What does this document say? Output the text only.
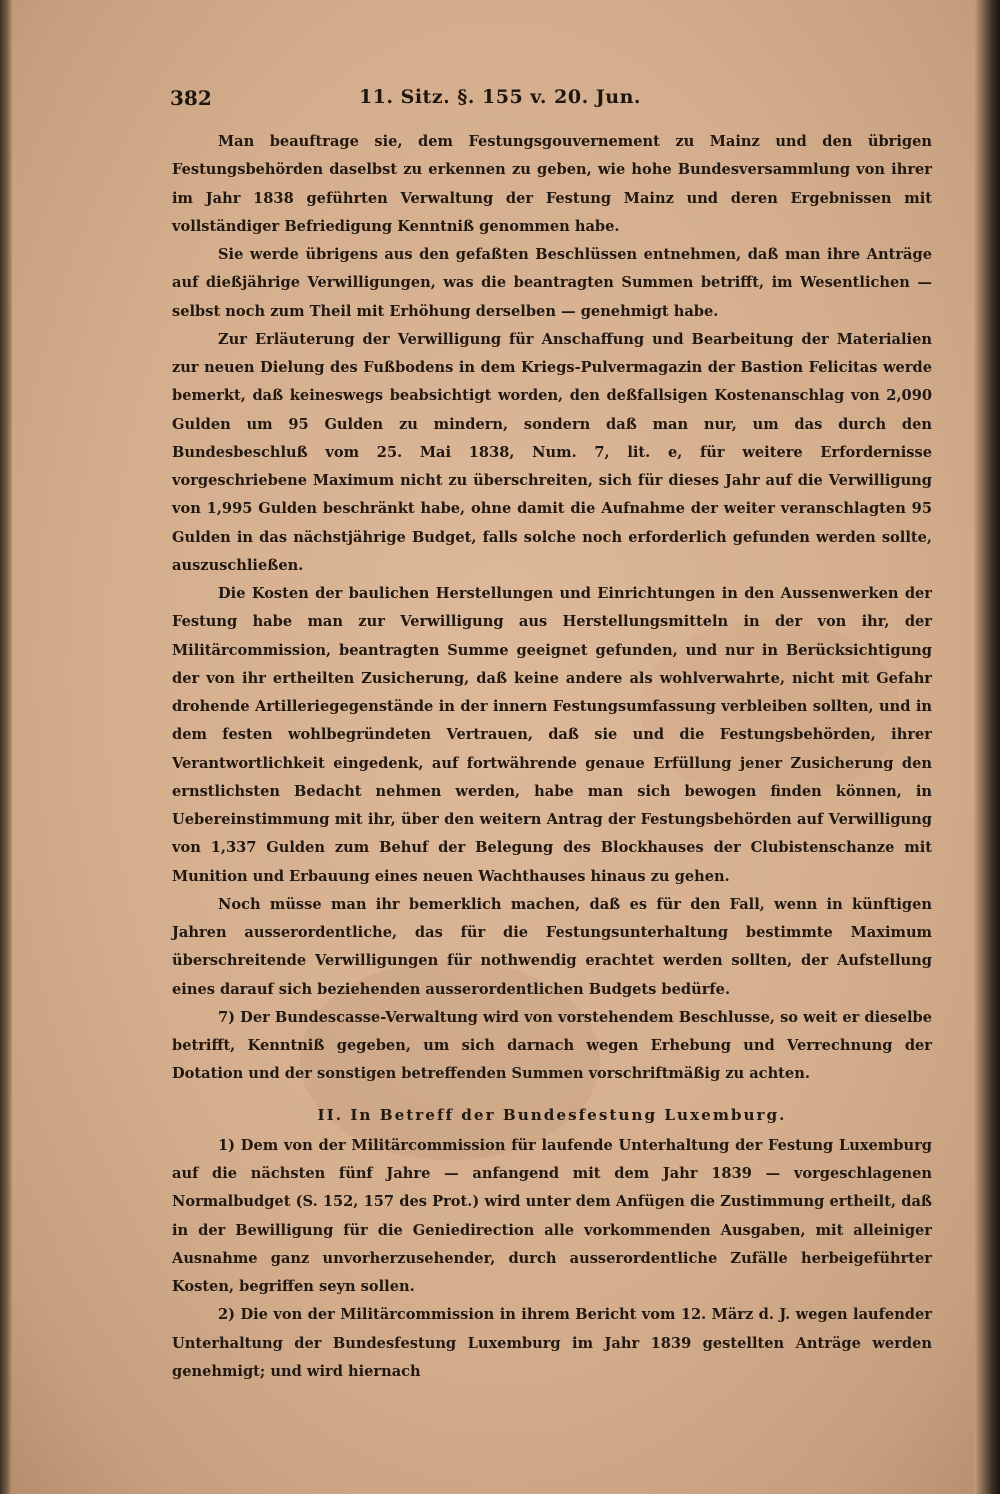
382	11. Sitz. §. 155 v. 20. Jun.

Man beauftrage sie, dem Festungsgouvernement zu Mainz und den übrigen Festungsbehörden daselbst zu erkennen zu geben, wie hohe Bundesversammlung von ihrer im Jahr 1838 geführten Verwaltung der Festung Mainz und deren Ergebnissen mit vollständiger Befriedigung Kenntniß genommen habe.

Sie werde übrigens aus den gefaßten Beschlüssen entnehmen, daß man ihre Anträge auf dießjährige Verwilligungen, was die beantragten Summen betrifft, im Wesentlichen — selbst noch zum Theil mit Erhöhung derselben — genehmigt habe.

Zur Erläuterung der Verwilligung für Anschaffung und Bearbeitung der Materialien zur neuen Dielung des Fußbodens in dem Kriegs-Pulvermagazin der Bastion Felicitas werde bemerkt, daß keineswegs beabsichtigt worden, den deßfallsigen Kostenanschlag von 2,090 Gulden um 95 Gulden zu mindern, sondern daß man nur, um das durch den Bundesbeschluß vom 25. Mai 1838, Num. 7, lit. e, für weitere Erfordernisse vorgeschriebene Maximum nicht zu überschreiten, sich für dieses Jahr auf die Verwilligung von 1,995 Gulden beschränkt habe, ohne damit die Aufnahme der weiter veranschlagten 95 Gulden in das nächstjährige Budget, falls solche noch erforderlich gefunden werden sollte, auszuschließen.

Die Kosten der baulichen Herstellungen und Einrichtungen in den Aussenwerken der Festung habe man zur Verwilligung aus Herstellungsmitteln in der von ihr, der Militärcommission, beantragten Summe geeignet gefunden, und nur in Berücksichtigung der von ihr ertheilten Zusicherung, daß keine andere als wohlverwahrte, nicht mit Gefahr drohende Artilleriegegenstände in der innern Festungsumfassung verbleiben sollten, und in dem festen wohlbegründeten Vertrauen, daß sie und die Festungsbehörden, ihrer Verantwortlichkeit eingedenk, auf fortwährende genaue Erfüllung jener Zusicherung den ernstlichsten Bedacht nehmen werden, habe man sich bewogen finden können, in Uebereinstimmung mit ihr, über den weitern Antrag der Festungsbehörden auf Verwilligung von 1,337 Gulden zum Behuf der Belegung des Blockhauses der Clubistenschanze mit Munition und Erbauung eines neuen Wachthauses hinaus zu gehen.

Noch müsse man ihr bemerklich machen, daß es für den Fall, wenn in künftigen Jahren ausserordentliche, das für die Festungsunterhaltung bestimmte Maximum überschreitende Verwilligungen für nothwendig erachtet werden sollten, der Aufstellung eines darauf sich beziehenden ausserordentlichen Budgets bedürfe.

7) Der Bundescasse-Verwaltung wird von vorstehendem Beschlusse, so weit er dieselbe betrifft, Kenntniß gegeben, um sich darnach wegen Erhebung und Verrechnung der Dotation und der sonstigen betreffenden Summen vorschriftmäßig zu achten.

II. In Betreff der Bundesfestung Luxemburg.

1) Dem von der Militärcommission für laufende Unterhaltung der Festung Luxemburg auf die nächsten fünf Jahre — anfangend mit dem Jahr 1839 — vorgeschlagenen Normalbudget (S. 152, 157 des Prot.) wird unter dem Anfügen die Zustimmung ertheilt, daß in der Bewilligung für die Geniedirection alle vorkommenden Ausgaben, mit alleiniger Ausnahme ganz unvorherzusehender, durch ausserordentliche Zufälle herbeigeführter Kosten, begriffen seyn sollen.

2) Die von der Militärcommission in ihrem Bericht vom 12. März d. J. wegen laufender Unterhaltung der Bundesfestung Luxemburg im Jahr 1839 gestellten Anträge werden genehmigt; und wird hiernach
